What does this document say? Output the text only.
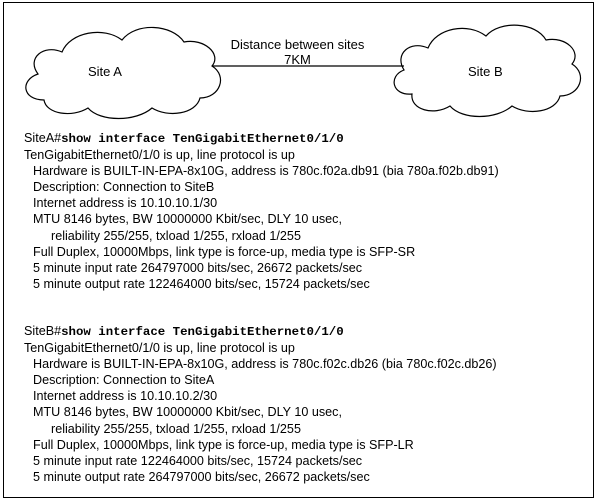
Site A	Site B
Distance between sites
7KM
SiteA#show interface TenGigabitEthernet0/1/0
TenGigabitEthernet0/1/0 is up, line protocol is up
Hardware is BUILT-IN-EPA-8x10G, address is 780c.f02a.db91 (bia 780a.f02b.db91)
Description: Connection to SiteB
Internet address is 10.10.10.1/30
MTU 8146 bytes, BW 10000000 Kbit/sec, DLY 10 usec,
reliability 255/255, txload 1/255, rxload 1/255
Full Duplex, 10000Mbps, link type is force-up, media type is SFP-SR
5 minute input rate 264797000 bits/sec, 26672 packets/sec
5 minute output rate 122464000 bits/sec, 15724 packets/sec
SiteB#show interface TenGigabitEthernet0/1/0
TenGigabitEthernet0/1/0 is up, line protocol is up
Hardware is BUILT-IN-EPA-8x10G, address is 780c.f02c.db26 (bia 780c.f02c.db26)
Description: Connection to SiteA
Internet address is 10.10.10.2/30
MTU 8146 bytes, BW 10000000 Kbit/sec, DLY 10 usec,
reliability 255/255, txload 1/255, rxload 1/255
Full Duplex, 10000Mbps, link type is force-up, media type is SFP-LR
5 minute input rate 122464000 bits/sec, 15724 packets/sec
5 minute output rate 264797000 bits/sec, 26672 packets/sec
